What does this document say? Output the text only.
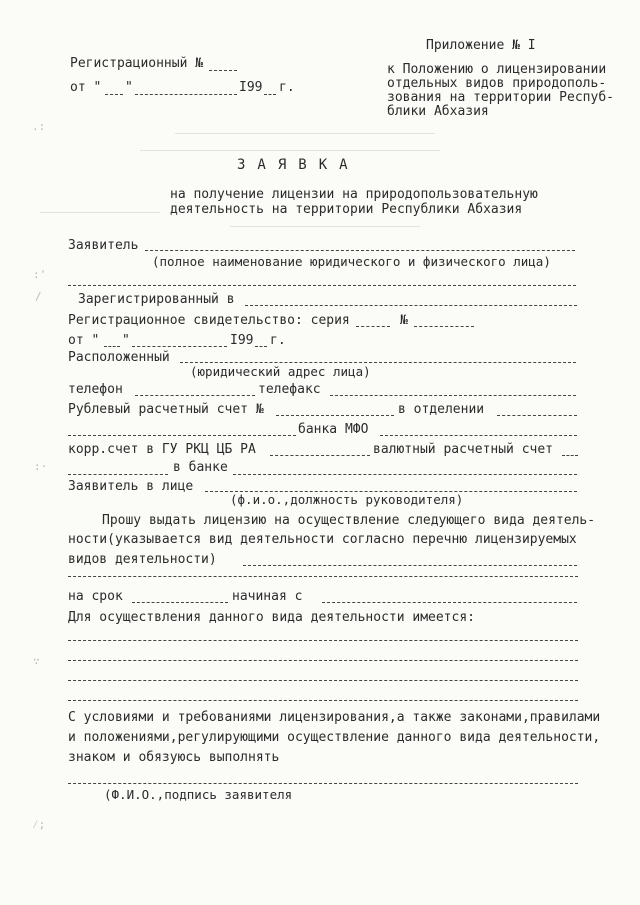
.:
:'
/
:·
∵
⁄;
Приложение № I
Регистрационный №	к Положению о лицензировании
отдельных видов природополь-
зования на территории Респуб-
блики Абхазия
от " "	I99 г.
ЗАЯВКА
на получение лицензии на природопользовательную
деятельность на территории Республики Абхазия
Заявитель
(полное наименование юридического и физического лица)
Зарегистрированный в
Регистрационное свидетельство: серия	№
от " "	I99 г.
Расположенный
(юридический адрес лица)
телефон	телефакс
Рублевый расчетный счет №	в отделении
банка МФО
корр.счет в ГУ РКЦ ЦБ РА	валютный расчетный счет
в банке
Заявитель в лице
(ф.и.о.,должность руководителя)
Прошу выдать лицензию на осуществление следующего вида деятель-
ности(указывается вид деятельности согласно перечню лицензируемых
видов деятельности)
на срок	начиная с
Для осуществления данного вида деятельности имеется:
С условиями и требованиями лицензирования,а также законами,правилами
и положениями,регулирующими осуществление данного вида деятельности,
знаком и обязуюсь выполнять
(Ф.И.О.,подпись заявителя
